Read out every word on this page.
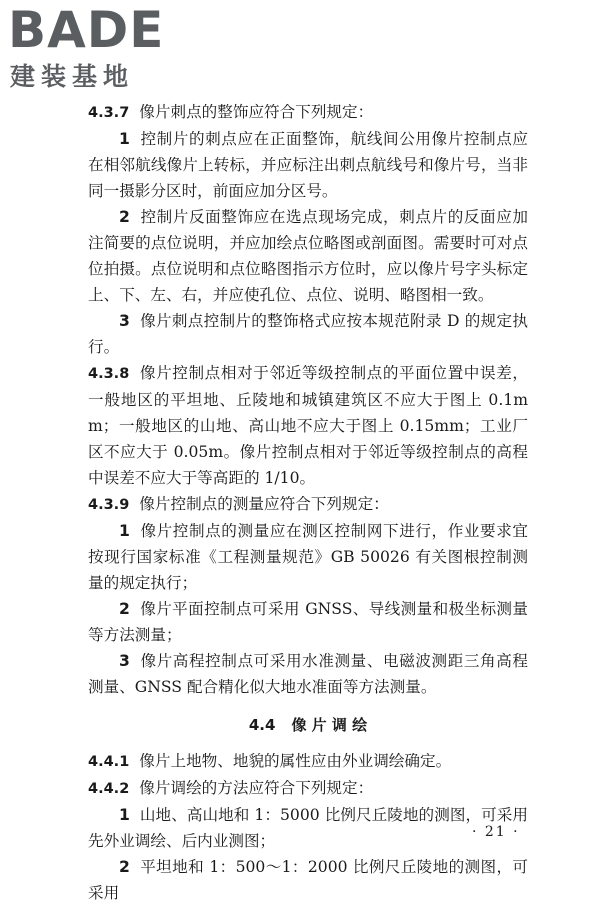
BADE
建装基地

4.3.7 像片刺点的整饰应符合下列规定：

1 控制片的刺点应在正面整饰，航线间公用像片控制点应在相邻航线像片上转标，并应标注出刺点航线号和像片号，当非同一摄影分区时，前面应加分区号。

2 控制片反面整饰应在选点现场完成，刺点片的反面应加注简要的点位说明，并应加绘点位略图或剖面图。需要时可对点位拍摄。点位说明和点位略图指示方位时，应以像片号字头标定上、下、左、右，并应使孔位、点位、说明、略图相一致。

3 像片刺点控制片的整饰格式应按本规范附录 D 的规定执行。

4.3.8 像片控制点相对于邻近等级控制点的平面位置中误差，一般地区的平坦地、丘陵地和城镇建筑区不应大于图上 0.1mm；一般地区的山地、高山地不应大于图上 0.15mm；工业厂区不应大于 0.05m。像片控制点相对于邻近等级控制点的高程中误差不应大于等高距的 1/10。

4.3.9 像片控制点的测量应符合下列规定：

1 像片控制点的测量应在测区控制网下进行，作业要求宜按现行国家标准《工程测量规范》GB 50026 有关图根控制测量的规定执行；

2 像片平面控制点可采用 GNSS、导线测量和极坐标测量等方法测量；

3 像片高程控制点可采用水准测量、电磁波测距三角高程测量、GNSS 配合精化似大地水准面等方法测量。

4.4 像 片 调 绘

4.4.1 像片上地物、地貌的属性应由外业调绘确定。

4.4.2 像片调绘的方法应符合下列规定：

1 山地、高山地和 1：5000 比例尺丘陵地的测图，可采用先外业调绘、后内业测图；

2 平坦地和 1：500～1：2000 比例尺丘陵地的测图，可采用

· 21 ·
